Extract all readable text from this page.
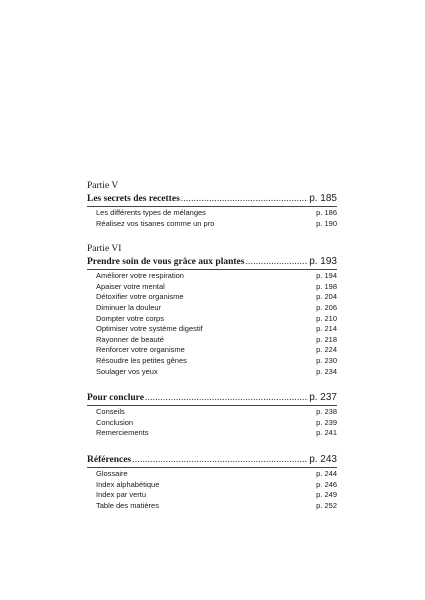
Partie V
Les secrets des recettes .....	p. 185
Les différents types de mélanges	p. 186
Réalisez vos tisanes comme un pro	p. 190
Partie VI
Prendre soin de vous grâce aux plantes .....	p. 193
Améliorer votre respiration	p. 194
Apaiser votre mental	p. 198
Détoxifier votre organisme	p. 204
Diminuer la douleur	p. 206
Dompter votre corps	p. 210
Optimiser votre système digestif	p. 214
Rayonner de beauté	p. 218
Renforcer votre organisme	p. 224
Résoudre les petites gênes	p. 230
Soulager vos yeux	p. 234
Pour conclure .....	p. 237
Conseils	p. 238
Conclusion	p. 239
Remerciements	p. 241
Références .....	p. 243
Glossaire	p. 244
Index alphabétique	p. 246
Index par vertu	p. 249
Table des matières	p. 252
